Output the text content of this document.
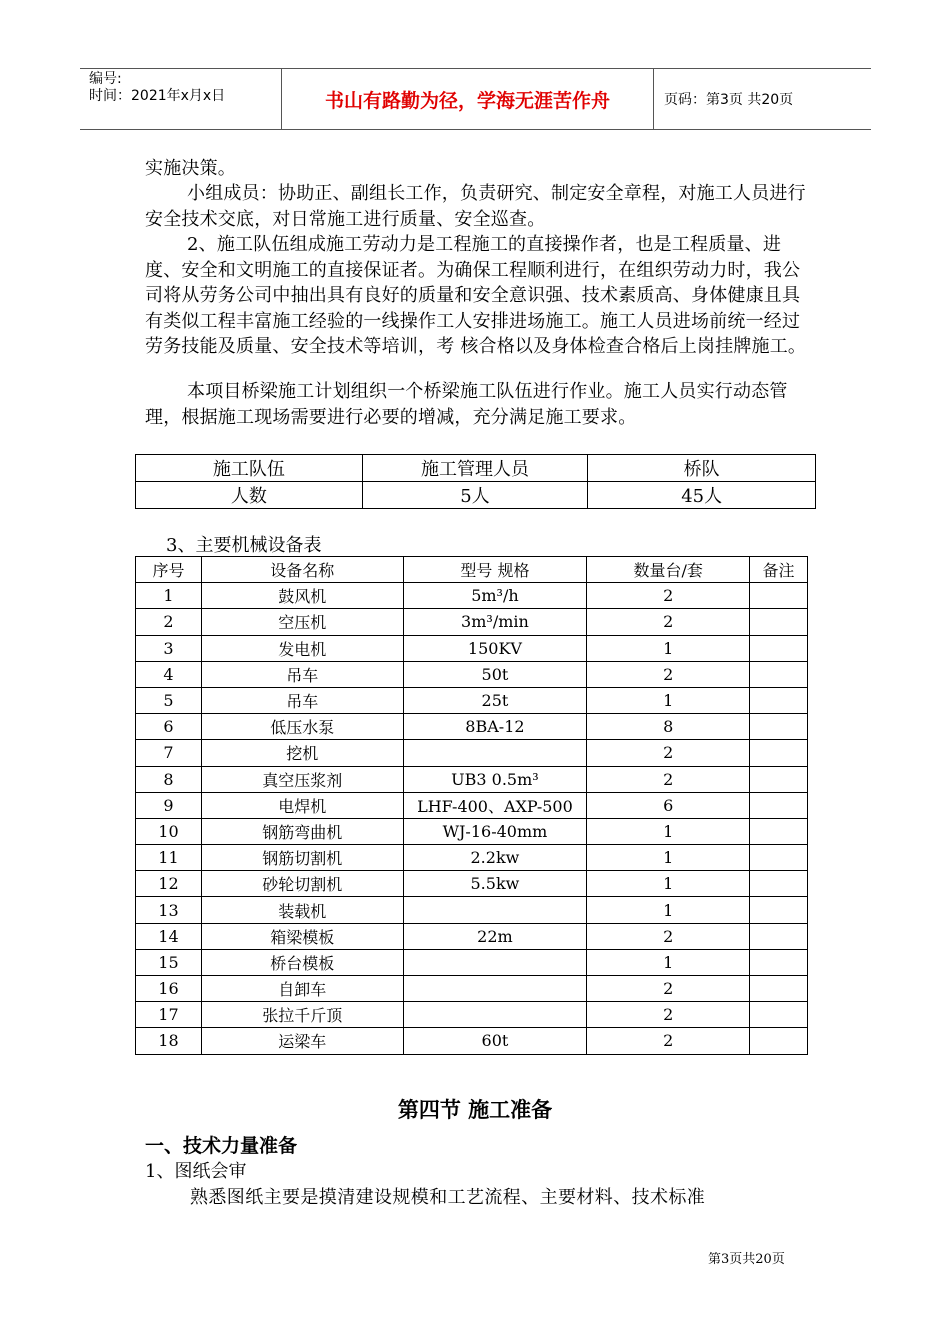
编号:
时间：2021年x月x日	书山有路勤为径，学海无涯苦作舟	页码：第3页 共20页
实施决策。
小组成员：协助正、副组长工作，负责研究、制定安全章程，对施工人员进行安全技术交底，对日常施工进行质量、安全巡查。
2、施工队伍组成施工劳动力是工程施工的直接操作者，也是工程质量、进度、安全和文明施工的直接保证者。为确保工程顺利进行，在组织劳动力时，我公司将从劳务公司中抽出具有良好的质量和安全意识强、技术素质高、身体健康且具有类似工程丰富施工经验的一线操作工人安排进场施工。施工人员进场前统一经过劳务技能及质量、安全技术等培训，考 核合格以及身体检查合格后上岗挂牌施工。
本项目桥梁施工计划组织一个桥梁施工队伍进行作业。施工人员实行动态管理，根据施工现场需要进行必要的增减，充分满足施工要求。
施工队伍	施工管理人员	桥队
人数	5人	45人
3、主要机械设备表
序号	设备名称	型号 规格	数量台/套	备注
1	鼓风机	5m³/h	2	
2	空压机	3m³/min	2	
3	发电机	150KV	1	
4	吊车	50t	2	
5	吊车	25t	1	
6	低压水泵	8BA-12	8	
7	挖机		2	
8	真空压浆剂	UB3 0.5m³	2	
9	电焊机	LHF-400、AXP-500	6	
10	钢筋弯曲机	WJ-16-40mm	1	
11	钢筋切割机	2.2kw	1	
12	砂轮切割机	5.5kw	1	
13	装载机		1	
14	箱梁模板	22m	2	
15	桥台模板		1	
16	自卸车		2	
17	张拉千斤顶		2	
18	运梁车	60t	2	
第四节 施工准备
一、技术力量准备
1、图纸会审
熟悉图纸主要是摸清建设规模和工艺流程、主要材料、技术标准
第3页共20页
